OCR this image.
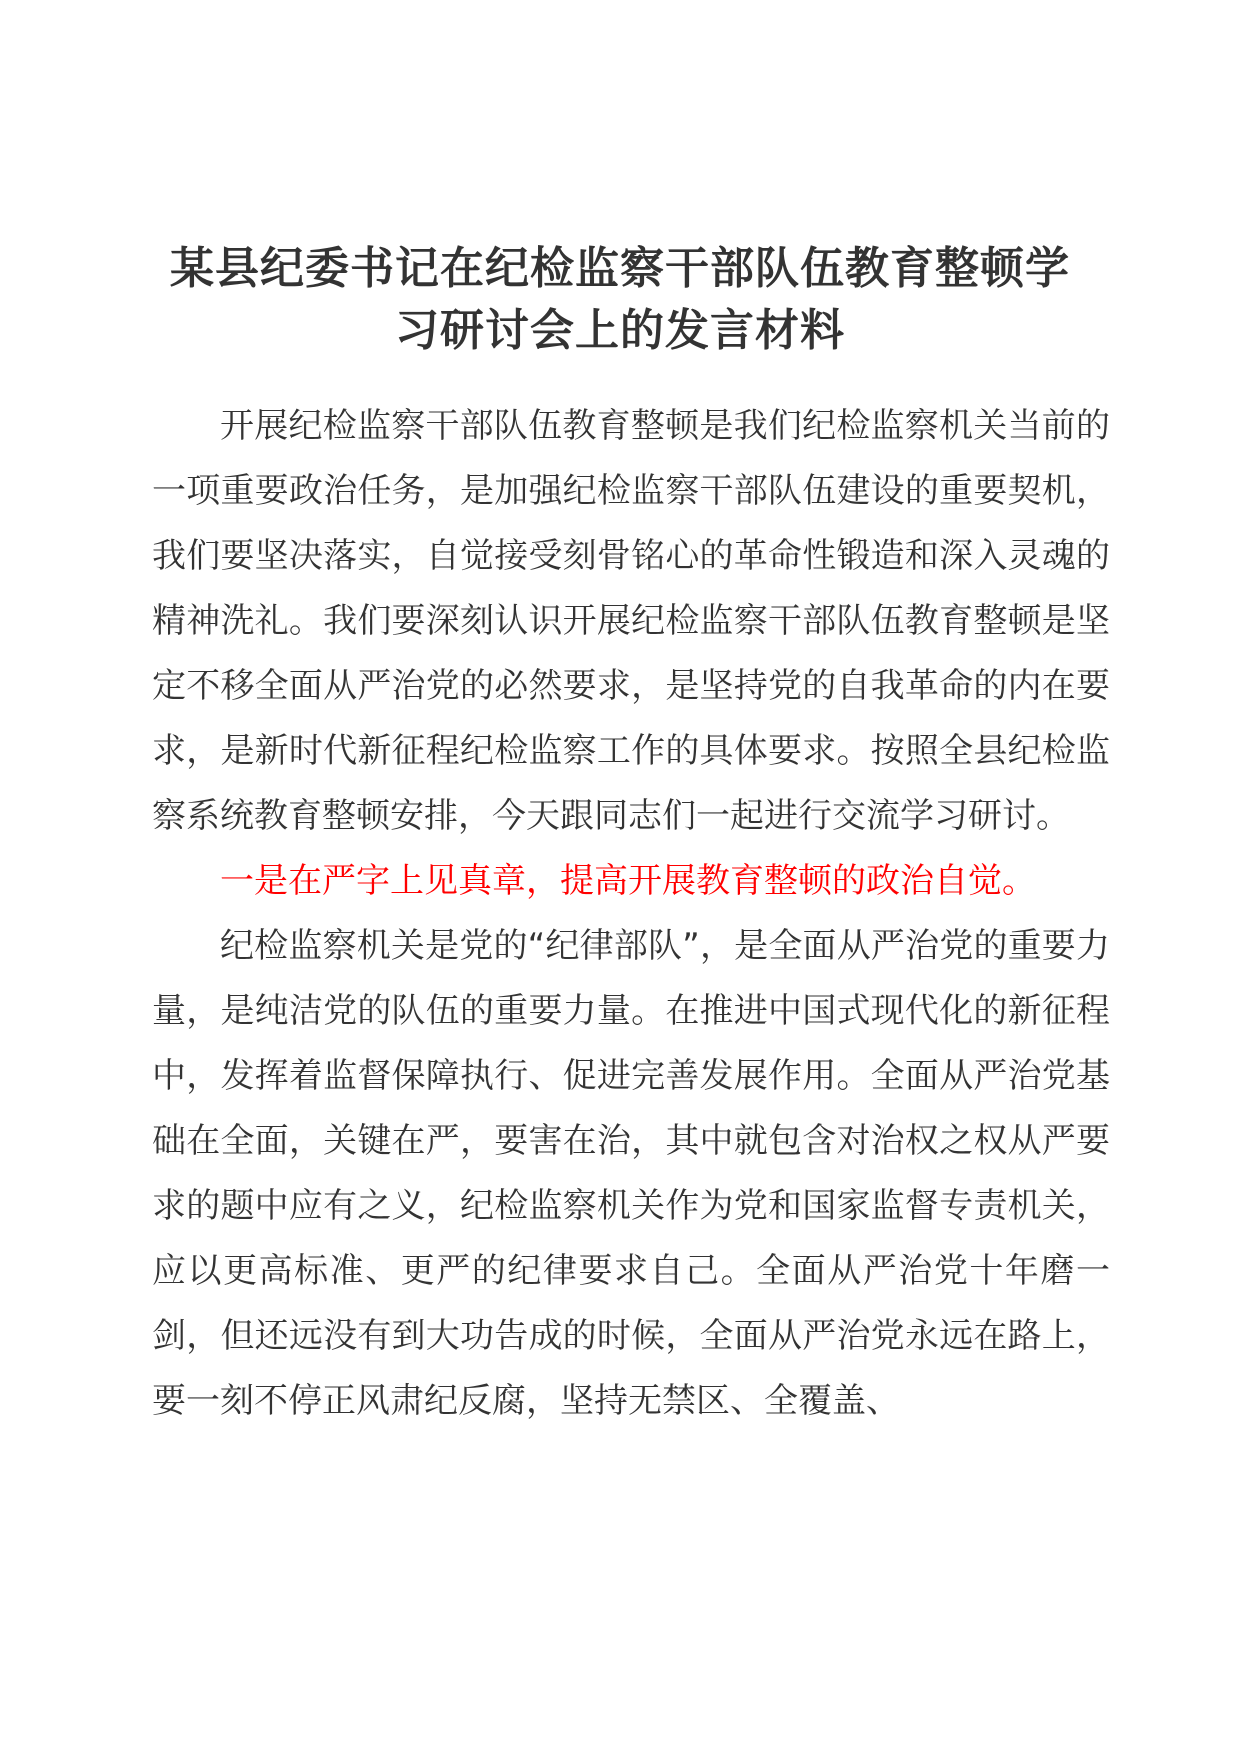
某县纪委书记在纪检监察干部队伍教育整顿学
习研讨会上的发言材料

开展纪检监察干部队伍教育整顿是我们纪检监察机关当前的一项重要政治任务，是加强纪检监察干部队伍建设的重要契机，我们要坚决落实，自觉接受刻骨铭心的革命性锻造和深入灵魂的精神洗礼。我们要深刻认识开展纪检监察干部队伍教育整顿是坚定不移全面从严治党的必然要求，是坚持党的自我革命的内在要求，是新时代新征程纪检监察工作的具体要求。按照全县纪检监察系统教育整顿安排，今天跟同志们一起进行交流学习研讨。

一是在严字上见真章，提高开展教育整顿的政治自觉。

纪检监察机关是党的“纪律部队”，是全面从严治党的重要力量，是纯洁党的队伍的重要力量。在推进中国式现代化的新征程中，发挥着监督保障执行、促进完善发展作用。全面从严治党基础在全面，关键在严，要害在治，其中就包含对治权之权从严要求的题中应有之义，纪检监察机关作为党和国家监督专责机关，应以更高标准、更严的纪律要求自己。全面从严治党十年磨一剑，但还远没有到大功告成的时候，全面从严治党永远在路上，要一刻不停正风肃纪反腐，坚持无禁区、全覆盖、
